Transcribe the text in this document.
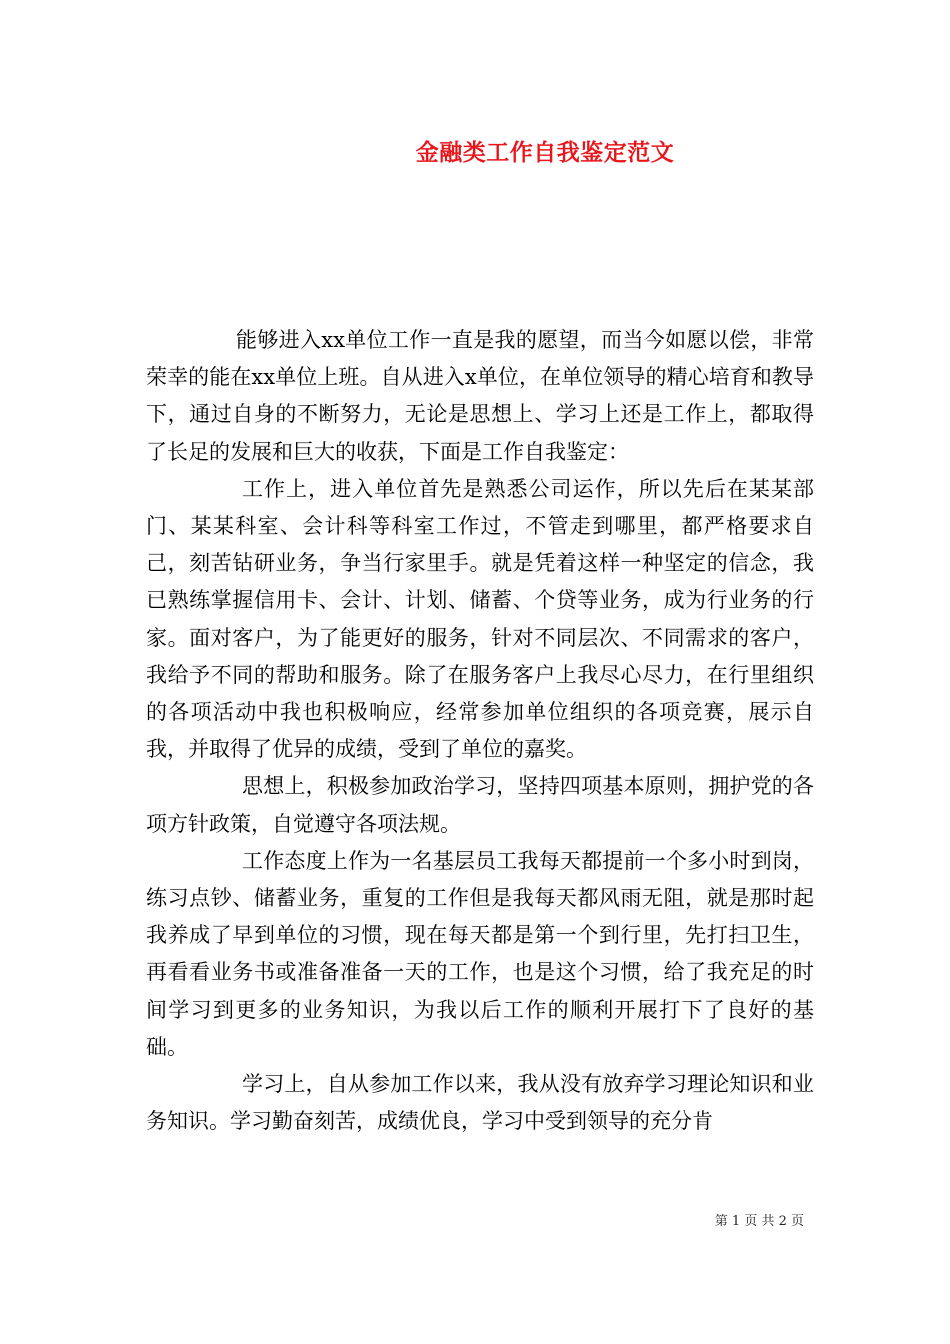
金融类工作自我鉴定范文

能够进入xx单位工作一直是我的愿望，而当今如愿以偿，非常荣幸的能在xx单位上班。自从进入x单位，在单位领导的精心培育和教导下，通过自身的不断努力，无论是思想上、学习上还是工作上，都取得了长足的发展和巨大的收获，下面是工作自我鉴定：

工作上，进入单位首先是熟悉公司运作，所以先后在某某部门、某某科室、会计科等科室工作过，不管走到哪里，都严格要求自己，刻苦钻研业务，争当行家里手。就是凭着这样一种坚定的信念，我已熟练掌握信用卡、会计、计划、储蓄、个贷等业务，成为行业务的行家。面对客户，为了能更好的服务，针对不同层次、不同需求的客户，我给予不同的帮助和服务。除了在服务客户上我尽心尽力，在行里组织的各项活动中我也积极响应，经常参加单位组织的各项竞赛，展示自我，并取得了优异的成绩，受到了单位的嘉奖。

思想上，积极参加政治学习，坚持四项基本原则，拥护党的各项方针政策，自觉遵守各项法规。

工作态度上作为一名基层员工我每天都提前一个多小时到岗，练习点钞、储蓄业务，重复的工作但是我每天都风雨无阻，就是那时起我养成了早到单位的习惯，现在每天都是第一个到行里，先打扫卫生，再看看业务书或准备准备一天的工作，也是这个习惯，给了我充足的时间学习到更多的业务知识，为我以后工作的顺利开展打下了良好的基础。

学习上，自从参加工作以来，我从没有放弃学习理论知识和业务知识。学习勤奋刻苦，成绩优良，学习中受到领导的充分肯

第 1 页 共 2 页
